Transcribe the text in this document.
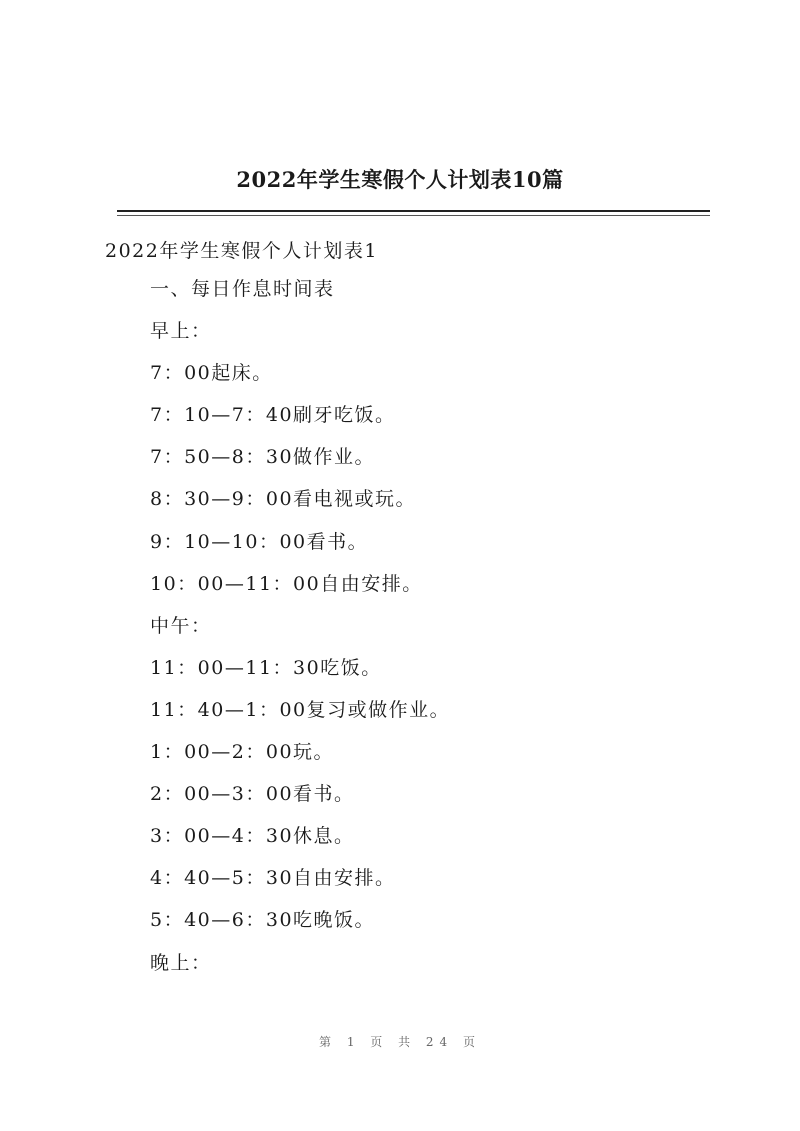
2022年学生寒假个人计划表10篇
2022年学生寒假个人计划表1
一、每日作息时间表
早上：
7：00起床。
7：10—7：40刷牙吃饭。
7：50—8：30做作业。
8：30—9：00看电视或玩。
9：10—10：00看书。
10：00—11：00自由安排。
中午：
11：00—11：30吃饭。
11：40—1：00复习或做作业。
1：00—2：00玩。
2：00—3：00看书。
3：00—4：30休息。
4：40—5：30自由安排。
5：40—6：30吃晚饭。
晚上：
第 1 页 共 24 页
